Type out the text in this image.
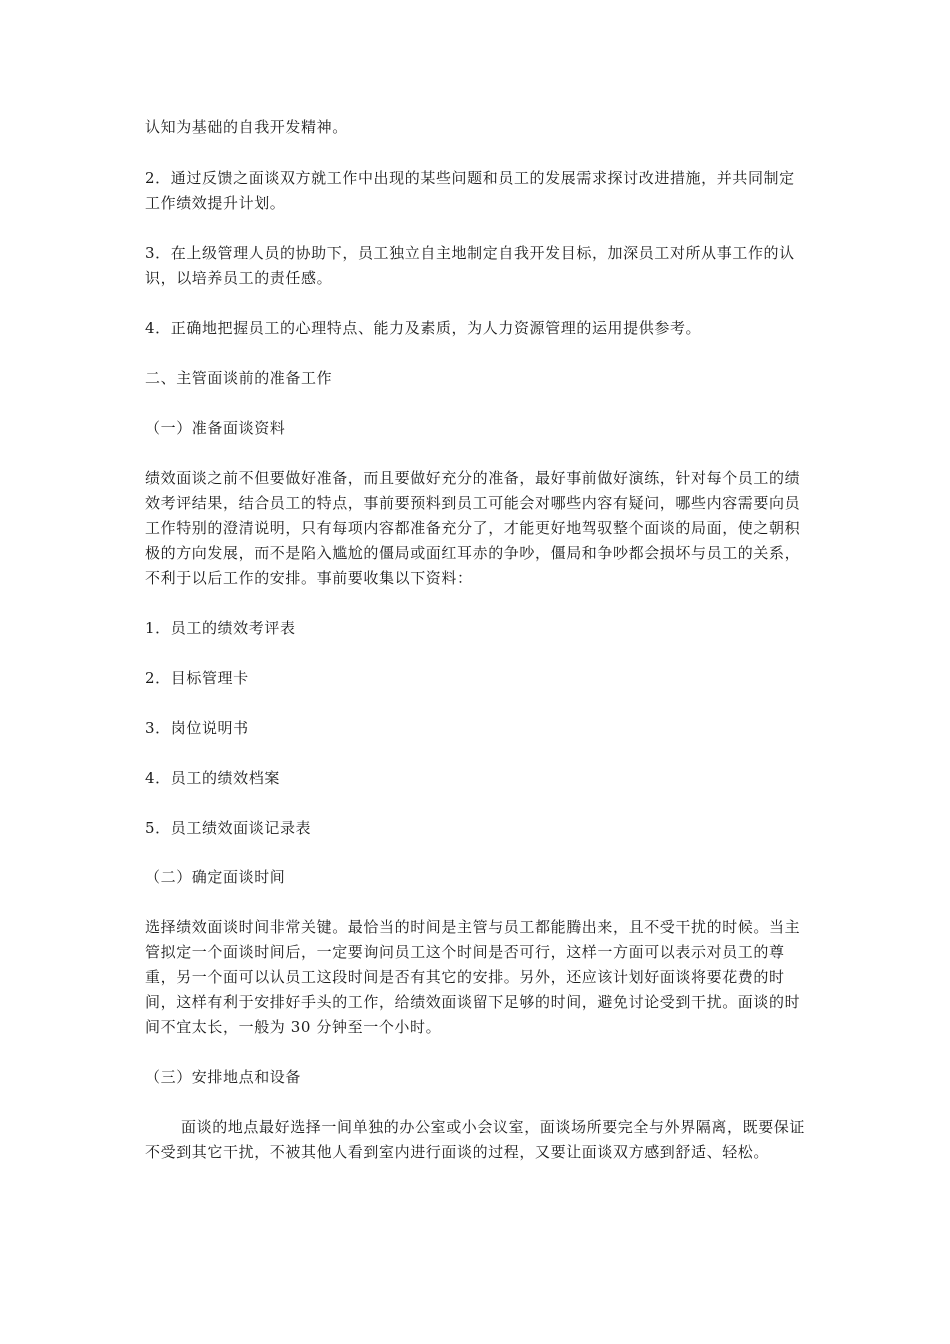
认知为基础的自我开发精神。

2．通过反馈之面谈双方就工作中出现的某些问题和员工的发展需求探讨改进措施，并共同制定工作绩效提升计划。

3．在上级管理人员的协助下，员工独立自主地制定自我开发目标，加深员工对所从事工作的认识，以培养员工的责任感。

4．正确地把握员工的心理特点、能力及素质，为人力资源管理的运用提供参考。

二、主管面谈前的准备工作

（一）准备面谈资料

绩效面谈之前不但要做好准备，而且要做好充分的准备，最好事前做好演练，针对每个员工的绩效考评结果，结合员工的特点，事前要预料到员工可能会对哪些内容有疑问，哪些内容需要向员工作特别的澄清说明，只有每项内容都准备充分了，才能更好地驾驭整个面谈的局面，使之朝积极的方向发展，而不是陷入尴尬的僵局或面红耳赤的争吵，僵局和争吵都会损坏与员工的关系，不利于以后工作的安排。事前要收集以下资料：

1．员工的绩效考评表

2．目标管理卡

3．岗位说明书

4．员工的绩效档案

5．员工绩效面谈记录表

（二）确定面谈时间

选择绩效面谈时间非常关键。最恰当的时间是主管与员工都能腾出来，且不受干扰的时候。当主管拟定一个面谈时间后，一定要询问员工这个时间是否可行，这样一方面可以表示对员工的尊重，另一个面可以认员工这段时间是否有其它的安排。另外，还应该计划好面谈将要花费的时间，这样有利于安排好手头的工作，给绩效面谈留下足够的时间，避免讨论受到干扰。面谈的时间不宜太长，一般为 30 分钟至一个小时。

（三）安排地点和设备

面谈的地点最好选择一间单独的办公室或小会议室，面谈场所要完全与外界隔离，既要保证不受到其它干扰，不被其他人看到室内进行面谈的过程，又要让面谈双方感到舒适、轻松。
